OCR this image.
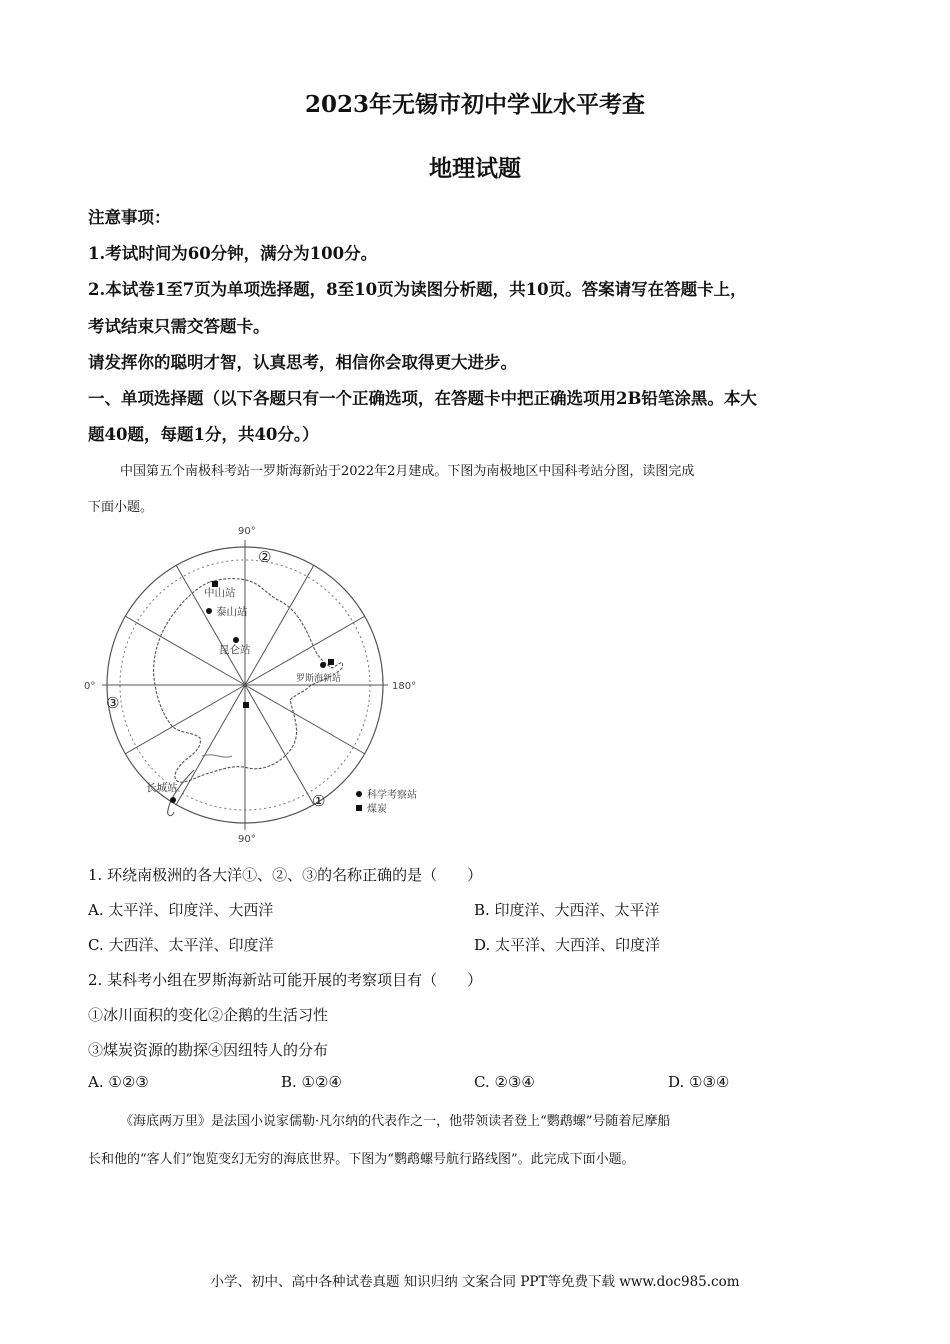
2023年无锡市初中学业水平考查
地理试题
注意事项：
1.考试时间为60分钟，满分为100分。
2.本试卷1至7页为单项选择题，8至10页为读图分析题，共10页。答案请写在答题卡上，
考试结束只需交答题卡。
请发挥你的聪明才智，认真思考，相信你会取得更大进步。
一、单项选择题（以下各题只有一个正确选项，在答题卡中把正确选项用2B铅笔涂黑。本大
题40题，每题1分，共40分。）
中国第五个南极科考站一罗斯海新站于2022年2月建成。下图为南极地区中国科考站分图，读图完成
下面小题。
90°
90°
0°	180°
②
③
①
中山站
泰山站
昆仑站
罗斯海新站
长城站
科学考察站
煤炭
1. 环绕南极洲的各大洋①、②、③的名称正确的是（　　）
A. 太平洋、印度洋、大西洋	B. 印度洋、大西洋、太平洋
C. 大西洋、太平洋、印度洋	D. 太平洋、大西洋、印度洋
2. 某科考小组在罗斯海新站可能开展的考察项目有（　　）
①冰川面积的变化②企鹅的生活习性
③煤炭资源的勘探④因纽特人的分布
A. ①②③	B. ①②④	C. ②③④	D. ①③④
《海底两万里》是法国小说家儒勒·凡尔纳的代表作之一，他带领读者登上“鹦鹉螺”号随着尼摩船
长和他的“客人们”饱览变幻无穷的海底世界。下图为“鹦鹉螺号航行路线图”。此完成下面小题。
小学、初中、高中各种试卷真题 知识归纳 文案合同 PPT等免费下载 www.doc985.com
